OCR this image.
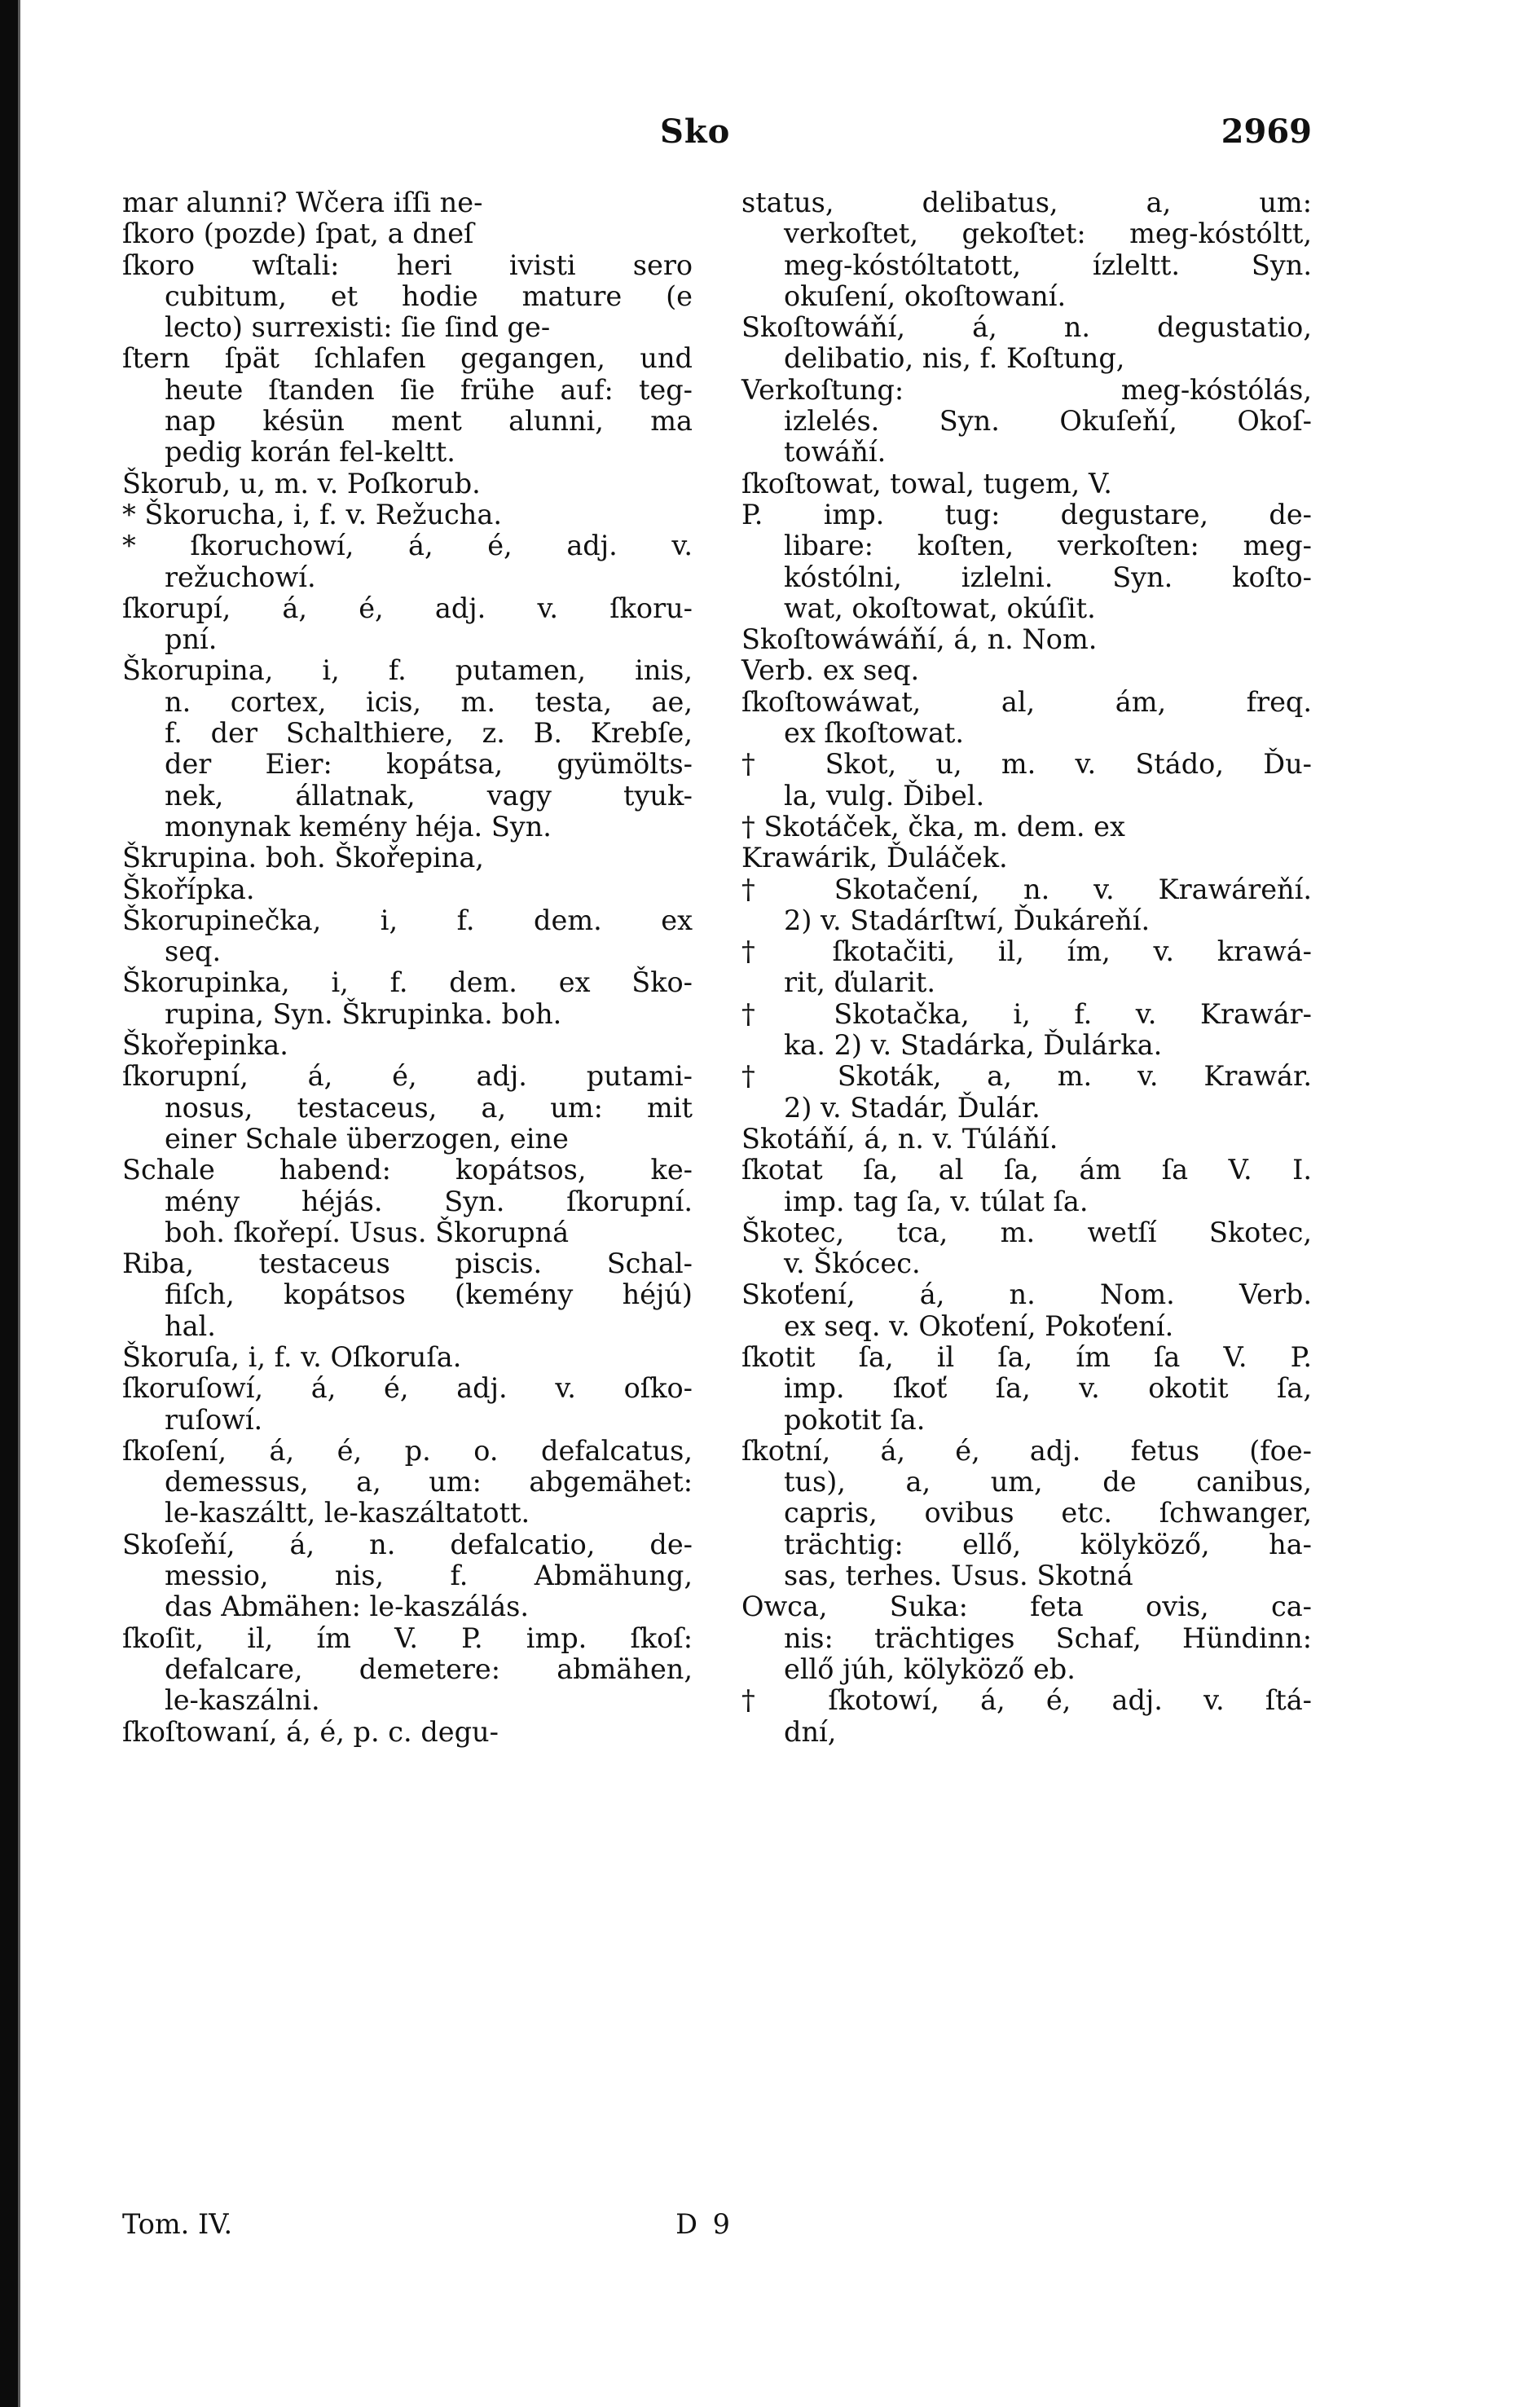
Sko	2969
mar alunni? Wčera iſſi ne-
ſkoro (pozde) ſpat, a dneſ
ſkoro wſtali: heri ivisti sero
cubitum, et hodie mature (e
lecto) surrexisti: ſie ſind ge-
ſtern ſpät ſchlafen gegangen, und
heute ſtanden ſie frühe auf: teg-
nap késün ment alunni, ma
pedig korán fel-keltt.
Škorub, u, m. v. Poſkorub.
* Škorucha, i, f. v. Režucha.
* ſkoruchowí, á, é, adj. v.
režuchowí.
ſkorupí, á, é, adj. v. ſkoru-
pní.
Škorupina, i, f. putamen, inis,
n. cortex, icis, m. testa, ae,
f. der Schalthiere, z. B. Krebſe,
der Eier: kopátsa, gyümölts-
nek, állatnak, vagy tyuk-
monynak kemény héja. Syn.
Škrupina. boh. Škořepina,
Škořípka.
Škorupinečka, i, f. dem. ex
seq.
Škorupinka, i, f. dem. ex Ško-
rupina, Syn. Škrupinka. boh.
Škořepinka.
ſkorupní, á, é, adj. putami-
nosus, testaceus, a, um: mit
einer Schale überzogen, eine
Schale habend: kopátsos, ke-
mény héjás. Syn. ſkorupní.
boh. ſkořepí. Usus. Škorupná
Riba, testaceus piscis. Schal-
fiſch, kopátsos (kemény héjú)
hal.
Škoruſa, i, f. v. Oſkoruſa.
ſkoruſowí, á, é, adj. v. oſko-
ruſowí.
ſkoſení, á, é, p. o. defalcatus,
demessus, a, um: abgemähet:
le-kaszáltt, le-kaszáltatott.
Skoſeňí, á, n. defalcatio, de-
messio, nis, f. Abmähung,
das Abmähen: le-kaszálás.
ſkoſit, il, ím V. P. imp. ſkoſ:
defalcare, demetere: abmähen,
le-kaszálni.
ſkoſtowaní, á, é, p. c. degu-
status, delibatus, a, um:
verkoſtet, gekoſtet: meg-kóstóltt,
meg-kóstóltatott, ízleltt. Syn.
okuſení, okoſtowaní.
Skoſtowáňí, á, n. degustatio,
delibatio, nis, f. Koſtung,
Verkoſtung: meg-kóstólás,
izlelés. Syn. Okuſeňí, Okoſ-
towáňí.
ſkoſtowat, towal, tugem, V.
P. imp. tug: degustare, de-
libare: koſten, verkoſten: meg-
kóstólni, izlelni. Syn. koſto-
wat, okoſtowat, okúſit.
Skoſtowáwáňí, á, n. Nom.
Verb. ex seq.
ſkoſtowáwat, al, ám, freq.
ex ſkoſtowat.
† Skot, u, m. v. Stádo, Ďu-
la, vulg. Ďibel.
† Skotáček, čka, m. dem. ex
Krawárik, Ďuláček.
† Skotačení, n. v. Krawáreňí.
2) v. Stadárſtwí, Ďukáreňí.
† ſkotačiti, il, ím, v. krawá-
rit, ďularit.
† Skotačka, i, f. v. Krawár-
ka. 2) v. Stadárka, Ďulárka.
† Skoták, a, m. v. Krawár.
2) v. Stadár, Ďulár.
Skotáňí, á, n. v. Túláňí.
ſkotat ſa, al ſa, ám ſa V. I.
imp. tag ſa, v. túlat ſa.
Škotec, tca, m. wetſí Skotec,
v. Škócec.
Skoťení, á, n. Nom. Verb.
ex seq. v. Okoťení, Pokoťení.
ſkotit ſa, il ſa, ím ſa V. P.
imp. ſkoť ſa, v. okotit ſa,
pokotit ſa.
ſkotní, á, é, adj. fetus (foe-
tus), a, um, de canibus,
capris, ovibus etc. ſchwanger,
trächtig: ellő, kölyköző, ha-
sas, terhes. Usus. Skotná
Owca, Suka: feta ovis, ca-
nis: trächtiges Schaf, Hündinn:
ellő júh, kölyköző eb.
† ſkotowí, á, é, adj. v. ſtá-
dní,
Tom. IV.	D 9
